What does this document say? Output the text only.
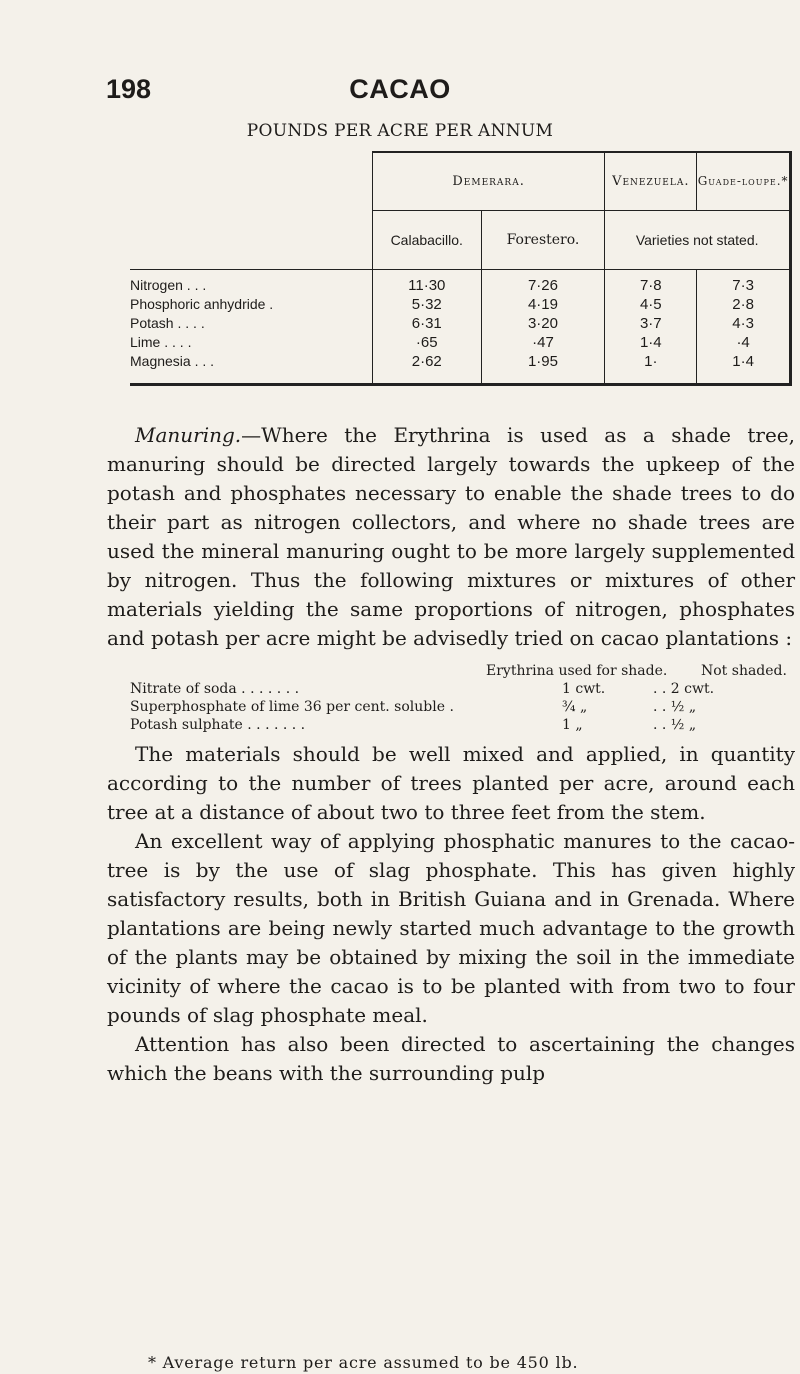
198	CACAO
POUNDS PER ACRE PER ANNUM
	Demerara.		Venezuela.	Guade-loupe.*
	Calabacillo.	Forestero.	Varieties not stated.	
Nitrogen . . .	11·30	7·26	7·8	7·3
Phosphoric anhydride .	5·32	4·19	4·5	2·8
Potash . . . .	6·31	3·20	3·7	4·3
Lime . . . .	·65	·47	1·4	·4
Magnesia . . .	2·62	1·95	1·	1·4

Manuring.—Where the Erythrina is used as a shade tree, manuring should be directed largely towards the upkeep of the potash and phosphates necessary to enable the shade trees to do their part as nitrogen collectors, and where no shade trees are used the mineral manuring ought to be more largely supplemented by nitrogen. Thus the following mixtures or mixtures of other materials yielding the same proportions of nitrogen, phosphates and potash per acre might be advisedly tried on cacao plantations :

Erythrina used for shade. Not shaded.
Nitrate of soda . . . . . . .	1 cwt.	. . 2 cwt.
Superphosphate of lime 36 per cent. soluble .	¾ „	. . ½ „
Potash sulphate . . . . . . .	1 „	. . ½ „

The materials should be well mixed and applied, in quantity according to the number of trees planted per acre, around each tree at a distance of about two to three feet from the stem.

An excellent way of applying phosphatic manures to the cacao-tree is by the use of slag phosphate. This has given highly satisfactory results, both in British Guiana and in Grenada. Where plantations are being newly started much advantage to the growth of the plants may be obtained by mixing the soil in the immediate vicinity of where the cacao is to be planted with from two to four pounds of slag phosphate meal.

Attention has also been directed to ascertaining the changes which the beans with the surrounding pulp

* Average return per acre assumed to be 450 lb.
